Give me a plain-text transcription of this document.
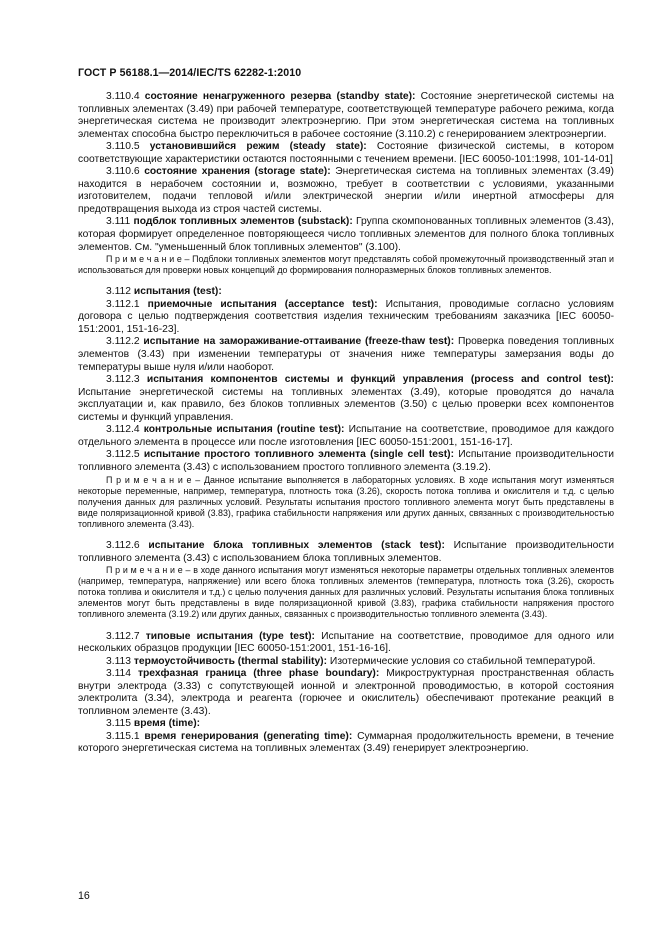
ГОСТ Р 56188.1—2014/IEC/TS 62282-1:2010

3.110.4 состояние ненагруженного резерва (standby state): Состояние энергетической системы на топливных элементах (3.49) при рабочей температуре, соответствующей температуре рабочего режима, когда энергетическая система не производит электроэнергию. При этом энергетическая система на топливных элементах способна быстро переключиться в рабочее состояние (3.110.2) с генерированием электроэнергии.

3.110.5 установившийся режим (steady state): Состояние физической системы, в котором соответствующие характеристики остаются постоянными с течением времени. [IEC 60050-101:1998, 101-14-01]

3.110.6 состояние хранения (storage state): Энергетическая система на топливных элементах (3.49) находится в нерабочем состоянии и, возможно, требует в соответствии с условиями, указанными изготовителем, подачи тепловой и/или электрической энергии и/или инертной атмосферы для предотвращения выхода из строя частей системы.

3.111 подблок топливных элементов (substack): Группа скомпонованных топливных элементов (3.43), которая формирует определенное повторяющееся число топливных элементов для полного блока топливных элементов. См. "уменьшенный блок топливных элементов" (3.100).

П р и м е ч а н и е – Подблоки топливных элементов могут представлять собой промежуточный производственный этап и использоваться для проверки новых концепций до формирования полноразмерных блоков топливных элементов.

3.112 испытания (test):

3.112.1 приемочные испытания (acceptance test): Испытания, проводимые согласно условиям договора с целью подтверждения соответствия изделия техническим требованиям заказчика [IEC 60050-151:2001, 151-16-23].

3.112.2 испытание на замораживание-оттаивание (freeze-thaw test): Проверка поведения топливных элементов (3.43) при изменении температуры от значения ниже температуры замерзания воды до температуры выше нуля и/или наоборот.

3.112.3 испытания компонентов системы и функций управления (process and control test): Испытание энергетической системы на топливных элементах (3.49), которые проводятся до начала эксплуатации и, как правило, без блоков топливных элементов (3.50) с целью проверки всех компонентов системы и функций управления.

3.112.4 контрольные испытания (routine test): Испытание на соответствие, проводимое для каждого отдельного элемента в процессе или после изготовления [IEC 60050-151:2001, 151-16-17].

3.112.5 испытание простого топливного элемента (single cell test): Испытание производительности топливного элемента (3.43) с использованием простого топливного элемента (3.19.2).

П р и м е ч а н и е – Данное испытание выполняется в лабораторных условиях. В ходе испытания могут изменяться некоторые переменные, например, температура, плотность тока (3.26), скорость потока топлива и окислителя и т.д. с целью получения данных для различных условий. Результаты испытания простого топливного элемента могут быть представлены в виде поляризационной кривой (3.83), графика стабильности напряжения или других данных, связанных с производительностью топливного элемента (3.43).

3.112.6 испытание блока топливных элементов (stack test): Испытание производительности топливного элемента (3.43) с использованием блока топливных элементов.

П р и м е ч а н и е – в ходе данного испытания могут изменяться некоторые параметры отдельных топливных элементов (например, температура, напряжение) или всего блока топливных элементов (температура, плотность тока (3.26), скорость потока топлива и окислителя и т.д.) с целью получения данных для различных условий. Результаты испытания блока топливных элементов могут быть представлены в виде поляризационной кривой (3.83), графика стабильности напряжения простого топливного элемента (3.19.2) или других данных, связанных с производительностью топливного элемента (3.43).

3.112.7 типовые испытания (type test): Испытание на соответствие, проводимое для одного или нескольких образцов продукции [IEC 60050-151:2001, 151-16-16].

3.113 термоустойчивость (thermal stability): Изотермические условия со стабильной температурой.

3.114 трехфазная граница (three phase boundary): Микроструктурная пространственная область внутри электрода (3.33) с сопутствующей ионной и электронной проводимостью, в которой состояния электролита (3.34), электрода и реагента (горючее и окислитель) обеспечивают протекание реакций в топливном элементе (3.43).

3.115 время (time):

3.115.1 время генерирования (generating time): Суммарная продолжительность времени, в течение которого энергетическая система на топливных элементах (3.49) генерирует электроэнергию.

16
